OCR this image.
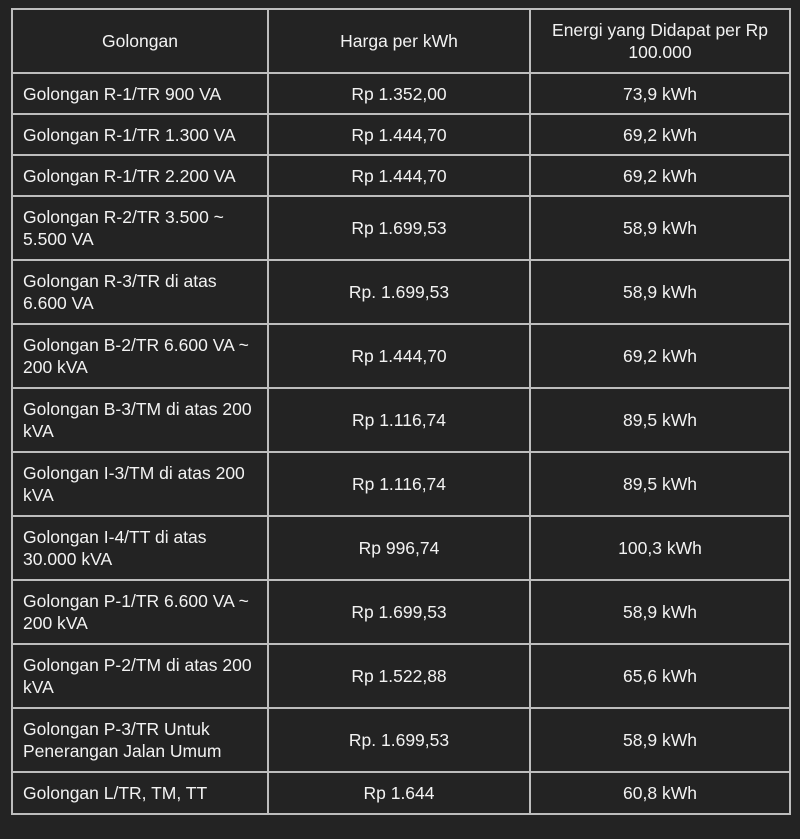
Golongan	Harga per kWh	Energi yang Didapat per Rp 100.000
Golongan R-1/TR 900 VA	Rp 1.352,00	73,9 kWh
Golongan R-1/TR 1.300 VA	Rp 1.444,70	69,2 kWh
Golongan R-1/TR 2.200 VA	Rp 1.444,70	69,2 kWh
Golongan R-2/TR 3.500 ~ 5.500 VA	Rp 1.699,53	58,9 kWh
Golongan R-3/TR di atas 6.600 VA	Rp. 1.699,53	58,9 kWh
Golongan B-2/TR 6.600 VA ~ 200 kVA	Rp 1.444,70	69,2 kWh
Golongan B-3/TM di atas 200 kVA	Rp 1.116,74	89,5 kWh
Golongan I-3/TM di atas 200 kVA	Rp 1.116,74	89,5 kWh
Golongan I-4/TT di atas 30.000 kVA	Rp 996,74	100,3 kWh
Golongan P-1/TR 6.600 VA ~ 200 kVA	Rp 1.699,53	58,9 kWh
Golongan P-2/TM di atas 200 kVA	Rp 1.522,88	65,6 kWh
Golongan P-3/TR Untuk Penerangan Jalan Umum	Rp. 1.699,53	58,9 kWh
Golongan L/TR, TM, TT	Rp 1.644	60,8 kWh
